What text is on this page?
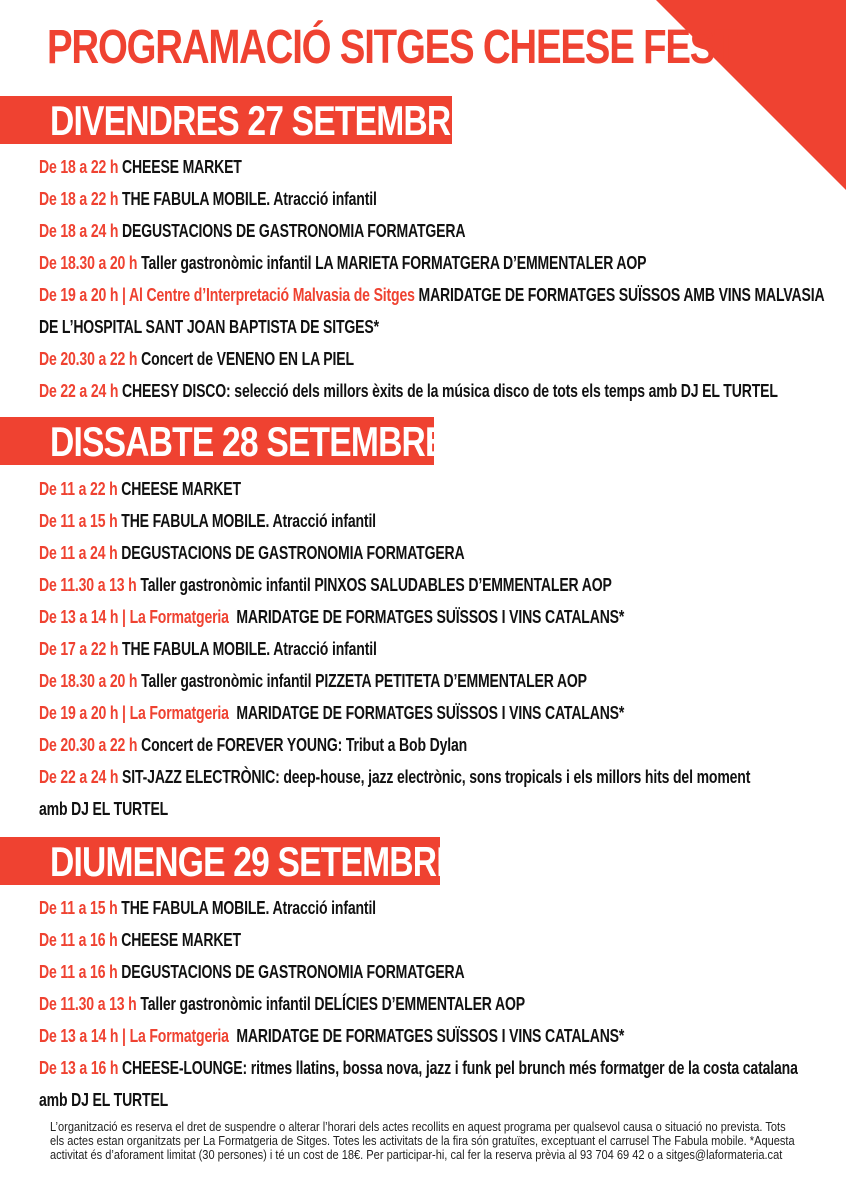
PROGRAMACIÓ SITGES CHEESE FEST
DIVENDRES 27 SETEMBRE 2019
De 18 a 22 h CHEESE MARKET
De 18 a 22 h THE FABULA MOBILE. Atracció infantil
De 18 a 24 h DEGUSTACIONS DE GASTRONOMIA FORMATGERA
De 18.30 a 20 h Taller gastronòmic infantil LA MARIETA FORMATGERA D’EMMENTALER AOP
De 19 a 20 h | Al Centre d’Interpretació Malvasia de Sitges MARIDATGE DE FORMATGES SUÏSSOS AMB VINS MALVASIA
DE L’HOSPITAL SANT JOAN BAPTISTA DE SITGES*
De 20.30 a 22 h Concert de VENENO EN LA PIEL
De 22 a 24 h CHEESY DISCO: selecció dels millors èxits de la música disco de tots els temps amb DJ EL TURTEL
DISSABTE 28 SETEMBRE 2019
De 11 a 22 h CHEESE MARKET
De 11 a 15 h THE FABULA MOBILE. Atracció infantil
De 11 a 24 h DEGUSTACIONS DE GASTRONOMIA FORMATGERA
De 11.30 a 13 h Taller gastronòmic infantil PINXOS SALUDABLES D’EMMENTALER AOP
De 13 a 14 h | La Formatgeria MARIDATGE DE FORMATGES SUÏSSOS I VINS CATALANS*
De 17 a 22 h THE FABULA MOBILE. Atracció infantil
De 18.30 a 20 h Taller gastronòmic infantil PIZZETA PETITETA D’EMMENTALER AOP
De 19 a 20 h | La Formatgeria MARIDATGE DE FORMATGES SUÏSSOS I VINS CATALANS*
De 20.30 a 22 h Concert de FOREVER YOUNG: Tribut a Bob Dylan
De 22 a 24 h SIT-JAZZ ELECTRÒNIC: deep-house, jazz electrònic, sons tropicals i els millors hits del moment
amb DJ EL TURTEL
DIUMENGE 29 SETEMBRE 2019
De 11 a 15 h THE FABULA MOBILE. Atracció infantil
De 11 a 16 h CHEESE MARKET
De 11 a 16 h DEGUSTACIONS DE GASTRONOMIA FORMATGERA
De 11.30 a 13 h Taller gastronòmic infantil DELÍCIES D’EMMENTALER AOP
De 13 a 14 h | La Formatgeria MARIDATGE DE FORMATGES SUÏSSOS I VINS CATALANS*
De 13 a 16 h CHEESE-LOUNGE: ritmes llatins, bossa nova, jazz i funk pel brunch més formatger de la costa catalana
amb DJ EL TURTEL

L’organització es reserva el dret de suspendre o alterar l’horari dels actes recollits en aquest programa per qualsevol causa o situació no prevista. Tots els actes estan organitzats per La Formatgeria de Sitges. Totes les activitats de la fira són gratuïtes, exceptuant el carrusel The Fabula mobile. *Aquesta activitat és d’aforament limitat (30 persones) i té un cost de 18€. Per participar-hi, cal fer la reserva prèvia al 93 704 69 42 o a sitges@laformateria.cat
